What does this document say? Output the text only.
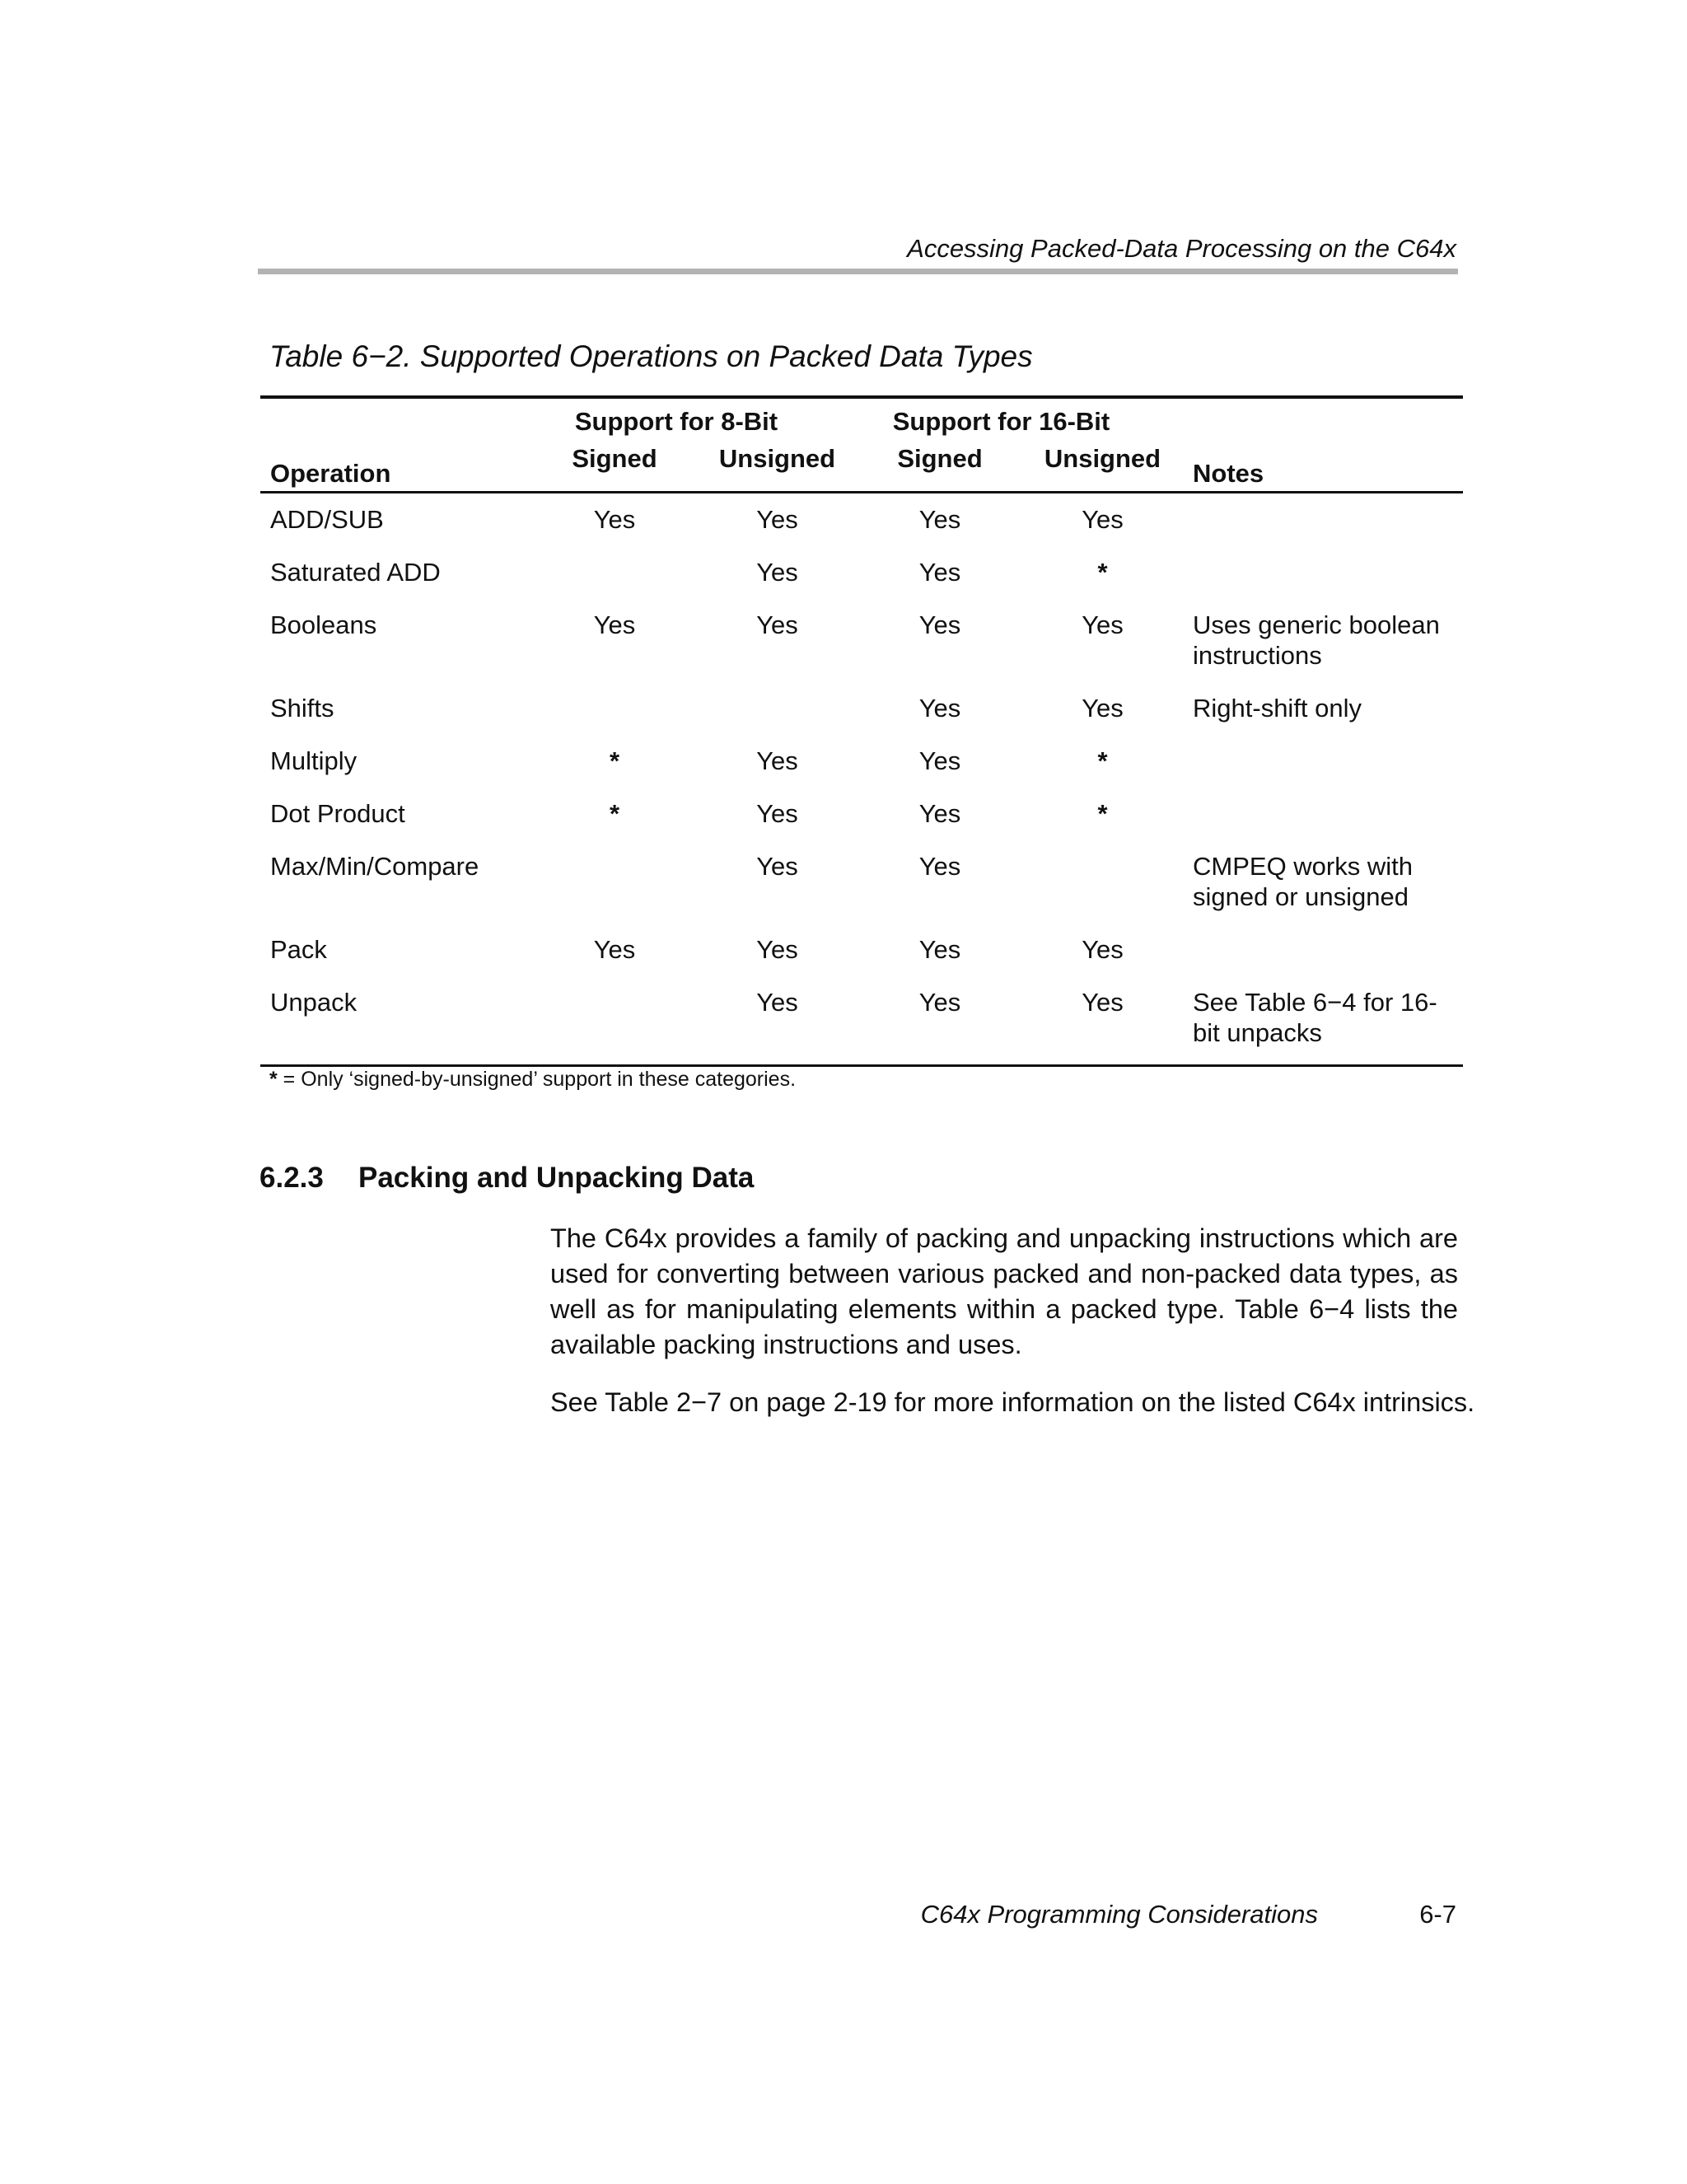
Accessing Packed-Data Processing on the C64x
Table 6−2. Supported Operations on Packed Data Types
Support for 8-Bit	Support for 16-Bit
Operation	Signed	Unsigned	Signed	Unsigned	Notes
ADD/SUB	Yes	Yes	Yes	Yes	
Saturated ADD		Yes	Yes	*	
Booleans	Yes	Yes	Yes	Yes	Uses generic boolean instructions
Shifts			Yes	Yes	Right-shift only
Multiply	*	Yes	Yes	*	
Dot Product	*	Yes	Yes	*	
Max/Min/Compare		Yes	Yes		CMPEQ works with signed or unsigned
Pack	Yes	Yes	Yes	Yes	
Unpack		Yes	Yes	Yes	See Table 6−4 for 16-bit unpacks
* = Only ‘signed-by-unsigned’ support in these categories.
6.2.3 Packing and Unpacking Data

The C64x provides a family of packing and unpacking instructions which are used for converting between various packed and non-packed data types, as well as for manipulating elements within a packed type. Table 6−4 lists the available packing instructions and uses.

See Table 2−7 on page 2-19 for more information on the listed C64x intrinsics.

C64x Programming Considerations	6-7
